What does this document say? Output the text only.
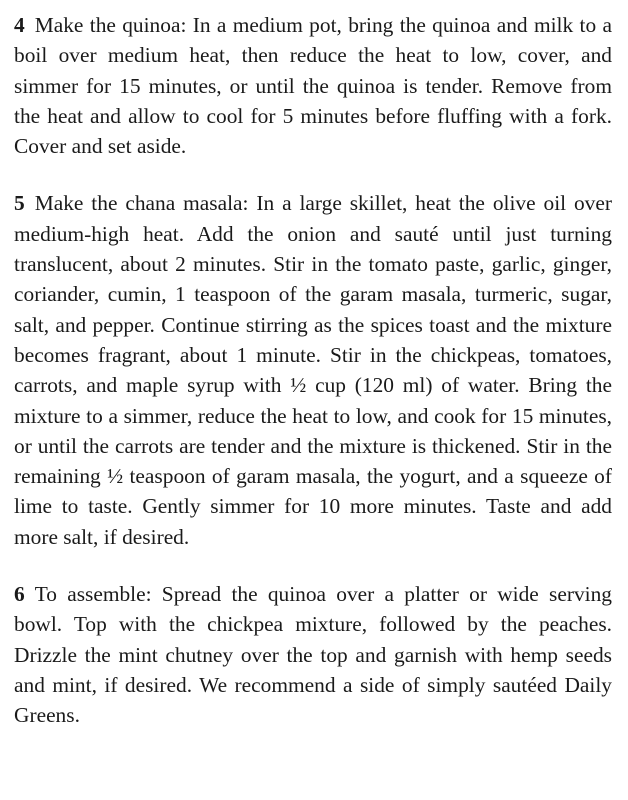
4 Make the quinoa: In a medium pot, bring the quinoa and milk to a boil over medium heat, then reduce the heat to low, cover, and simmer for 15 minutes, or until the quinoa is tender. Remove from the heat and allow to cool for 5 minutes before fluffing with a fork. Cover and set aside.

5 Make the chana masala: In a large skillet, heat the olive oil over medium-high heat. Add the onion and sauté until just turning translucent, about 2 minutes. Stir in the tomato paste, garlic, ginger, coriander, cumin, 1 teaspoon of the garam masala, turmeric, sugar, salt, and pepper. Continue stirring as the spices toast and the mixture becomes fragrant, about 1 minute. Stir in the chickpeas, tomatoes, carrots, and maple syrup with ½ cup (120 ml) of water. Bring the mixture to a simmer, reduce the heat to low, and cook for 15 minutes, or until the carrots are tender and the mixture is thickened. Stir in the remaining ½ teaspoon of garam masala, the yogurt, and a squeeze of lime to taste. Gently simmer for 10 more minutes. Taste and add more salt, if desired.

6 To assemble: Spread the quinoa over a platter or wide serving bowl. Top with the chickpea mixture, followed by the peaches. Drizzle the mint chutney over the top and garnish with hemp seeds and mint, if desired. We recommend a side of simply sautéed Daily Greens.
